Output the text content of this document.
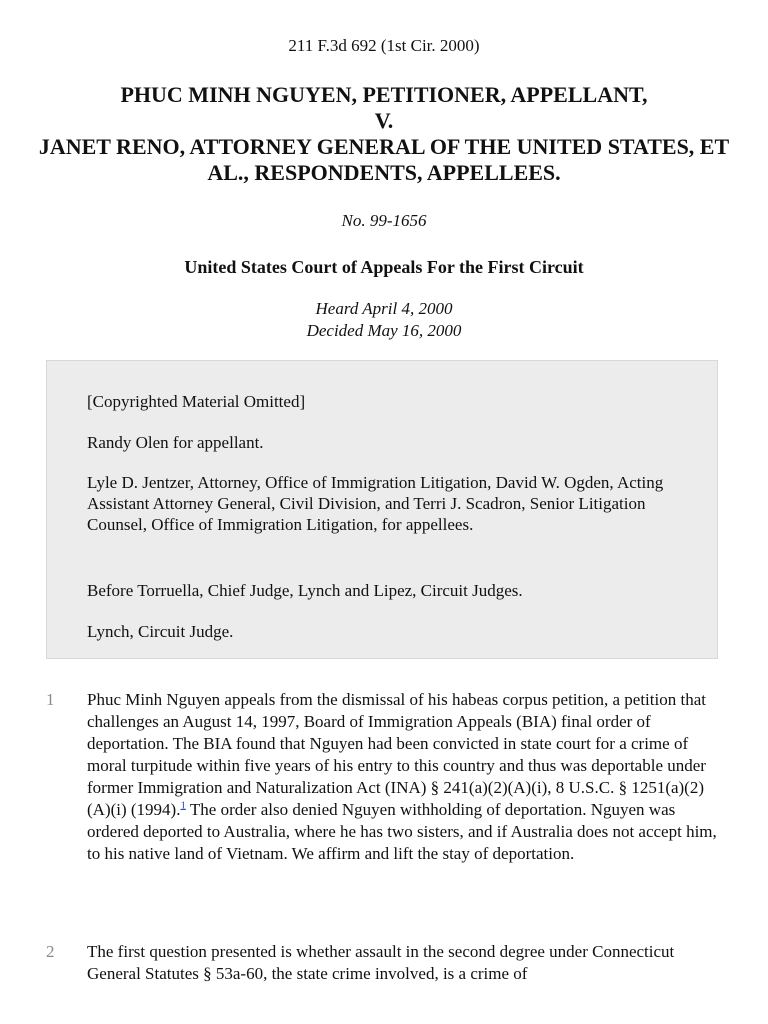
211 F.3d 692 (1st Cir. 2000)
PHUC MINH NGUYEN, PETITIONER, APPELLANT,
V.
JANET RENO, ATTORNEY GENERAL OF THE UNITED STATES, ET AL., RESPONDENTS, APPELLEES.
No. 99-1656
United States Court of Appeals For the First Circuit
Heard April 4, 2000
Decided May 16, 2000

[Copyrighted Material Omitted]

Randy Olen for appellant.

Lyle D. Jentzer, Attorney, Office of Immigration Litigation, David W. Ogden, Acting Assistant Attorney General, Civil Division, and Terri J. Scadron, Senior Litigation Counsel, Office of Immigration Litigation, for appellees.

Before Torruella, Chief Judge, Lynch and Lipez, Circuit Judges.

Lynch, Circuit Judge.

1 Phuc Minh Nguyen appeals from the dismissal of his habeas corpus petition, a petition that challenges an August 14, 1997, Board of Immigration Appeals (BIA) final order of deportation. The BIA found that Nguyen had been convicted in state court for a crime of moral turpitude within five years of his entry to this country and thus was deportable under former Immigration and Naturalization Act (INA) § 241(a)(2)(A)(i), 8 U.S.C. § 1251(a)(2)(A)(i) (1994).$^1$ The order also denied Nguyen withholding of deportation. Nguyen was ordered deported to Australia, where he has two sisters, and if Australia does not accept him, to his native land of Vietnam. We affirm and lift the stay of deportation.

2 The first question presented is whether assault in the second degree under Connecticut General Statutes § 53a-60, the state crime involved, is a crime of
